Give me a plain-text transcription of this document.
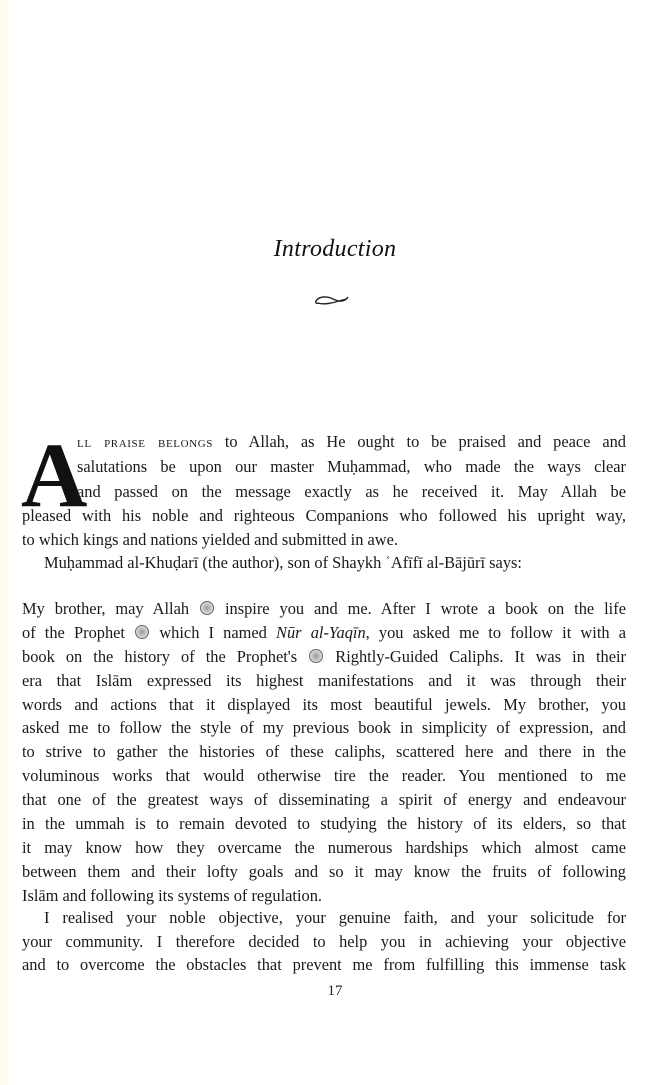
Introduction
A
ll praise belongs to Allah, as He ought to be praised and peace and
salutations be upon our master Muḥammad, who made the ways clear
and passed on the message exactly as he received it. May Allah be
pleased with his noble and righteous Companions who followed his upright way,
to which kings and nations yielded and submitted in awe.
Muḥammad al-Khuḍarī (the author), son of Shaykh ʿAfīfī al-Bājūrī says:
My brother, may Allah inspire you and me. After I wrote a book on the life
of the Prophet which I named Nūr al-Yaqīn, you asked me to follow it with a
book on the history of the Prophet's Rightly-Guided Caliphs. It was in their
era that Islām expressed its highest manifestations and it was through their
words and actions that it displayed its most beautiful jewels. My brother, you
asked me to follow the style of my previous book in simplicity of expression, and
to strive to gather the histories of these caliphs, scattered here and there in the
voluminous works that would otherwise tire the reader. You mentioned to me
that one of the greatest ways of disseminating a spirit of energy and endeavour
in the ummah is to remain devoted to studying the history of its elders, so that
it may know how they overcame the numerous hardships which almost came
between them and their lofty goals and so it may know the fruits of following
Islām and following its systems of regulation.
I realised your noble objective, your genuine faith, and your solicitude for
your community. I therefore decided to help you in achieving your objective
and to overcome the obstacles that prevent me from fulfilling this immense task
17
